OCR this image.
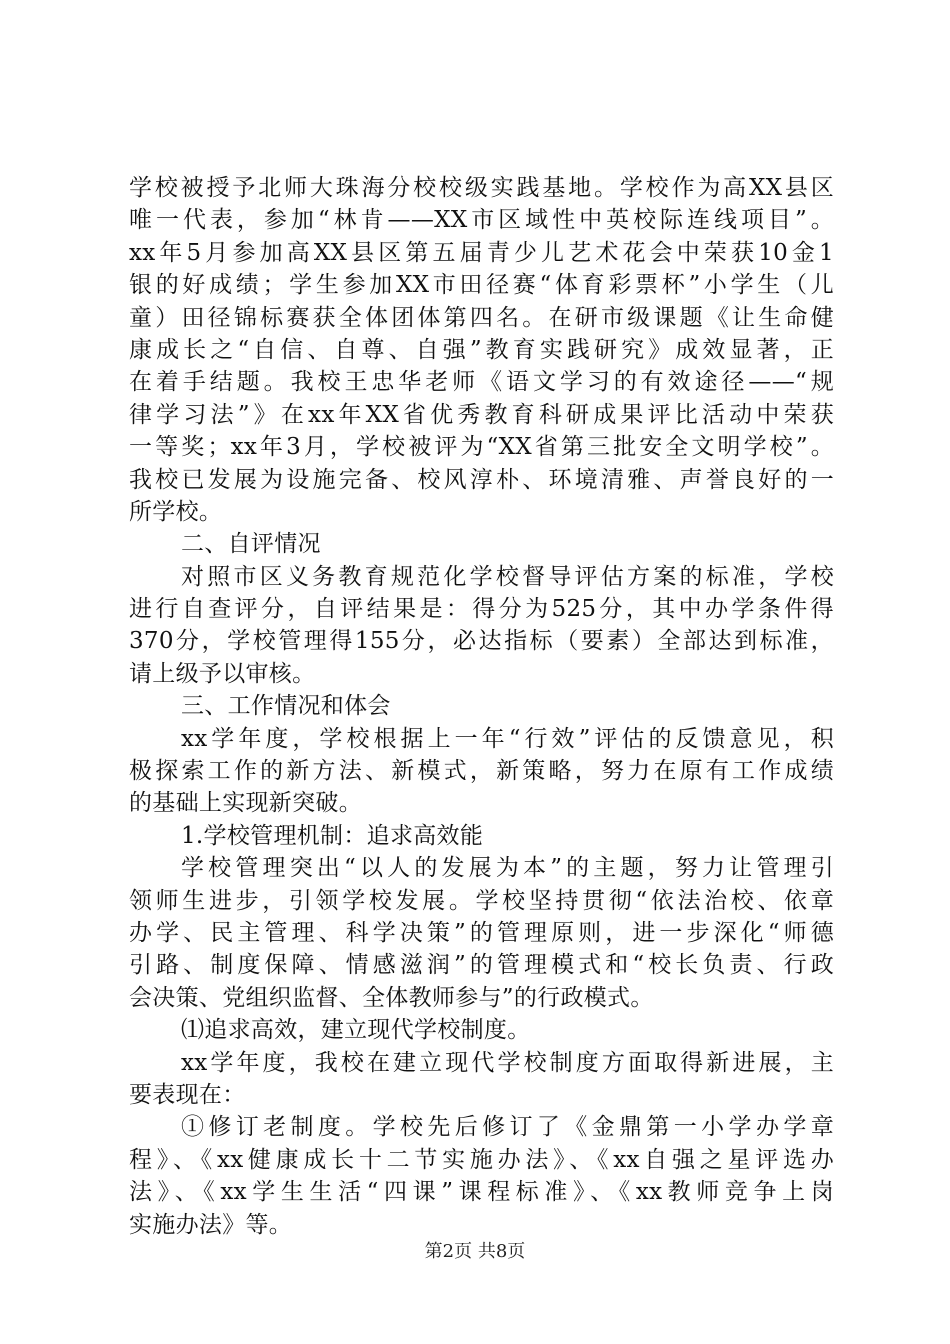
学校被授予北师大珠海分校校级实践基地。学校作为高XX县区
唯一代表，参加“林肯——XX市区域性中英校际连线项目”。
xx年5月参加高XX县区第五届青少儿艺术花会中荣获10金1
银的好成绩；学生参加XX市田径赛“体育彩票杯”小学生（儿
童）田径锦标赛获全体团体第四名。在研市级课题《让生命健
康成长之“自信、自尊、自强”教育实践研究》成效显著，正
在着手结题。我校王忠华老师《语文学习的有效途径——“规
律学习法”》在xx年XX省优秀教育科研成果评比活动中荣获
一等奖；xx年3月，学校被评为“XX省第三批安全文明学校”。
我校已发展为设施完备、校风淳朴、环境清雅、声誉良好的一
所学校。
二、自评情况
对照市区义务教育规范化学校督导评估方案的标准，学校
进行自查评分，自评结果是：得分为525分，其中办学条件得
370分，学校管理得155分，必达指标（要素）全部达到标准，
请上级予以审核。
三、工作情况和体会
xx学年度，学校根据上一年“行效”评估的反馈意见，积
极探索工作的新方法、新模式，新策略，努力在原有工作成绩
的基础上实现新突破。
1.学校管理机制：追求高效能
学校管理突出“以人的发展为本”的主题，努力让管理引
领师生进步，引领学校发展。学校坚持贯彻“依法治校、依章
办学、民主管理、科学决策”的管理原则，进一步深化“师德
引路、制度保障、情感滋润”的管理模式和“校长负责、行政
会决策、党组织监督、全体教师参与”的行政模式。
⑴追求高效，建立现代学校制度。
xx学年度，我校在建立现代学校制度方面取得新进展，主
要表现在：
①修订老制度。学校先后修订了《金鼎第一小学办学章
程》、《xx健康成长十二节实施办法》、《xx自强之星评选办
法》、《xx学生生活“四课”课程标准》、《xx教师竞争上岗
实施办法》等。
第2页 共8页
